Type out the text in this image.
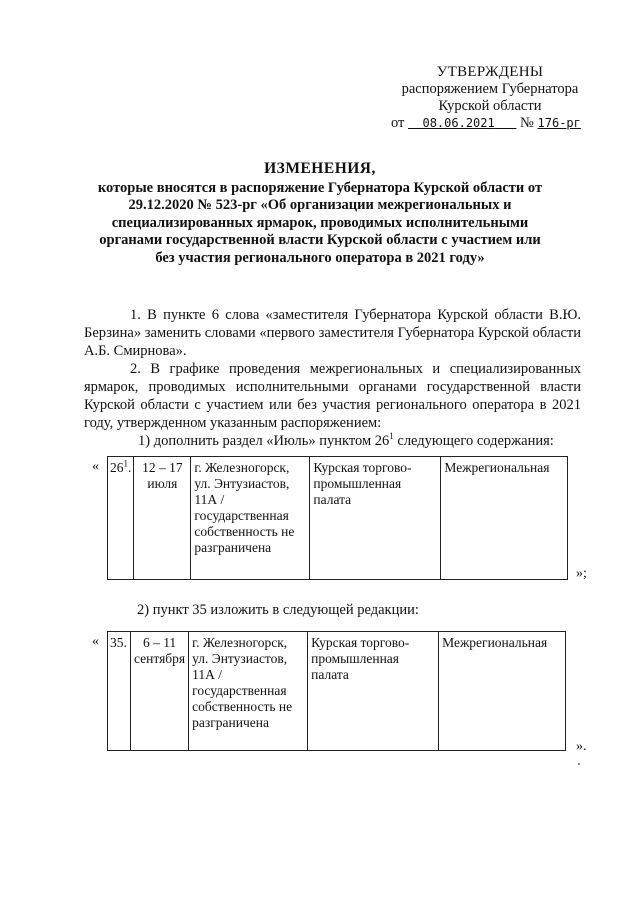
УТВЕРЖДЕНЫ
распоряжением Губернатора
Курской области
от 08.06.2021 № 176-рг
ИЗМЕНЕНИЯ,
которые вносятся в распоряжение Губернатора Курской области от 29.12.2020 № 523-рг «Об организации межрегиональных и специализированных ярмарок, проводимых исполнительными органами государственной власти Курской области с участием или без участия регионального оператора в 2021 году»

1. В пункте 6 слова «заместителя Губернатора Курской области В.Ю. Берзина» заменить словами «первого заместителя Губернатора Курской области А.Б. Смирнова».

2. В графике проведения межрегиональных и специализированных ярмарок, проводимых исполнительными органами государственной власти Курской области с участием или без участия регионального оператора в 2021 году, утвержденном указанным распоряжением:

1) дополнить раздел «Июль» пунктом $26^1$ следующего содержания:

« $26^1$.	12 – 17 июля	г. Железногорск, ул. Энтузиастов, 11А / государственная собственность не разграничена	Курская торгово-промышленная палата	Межрегиональная
»;
2) пункт 35 изложить в следующей редакции:
« 35.	6 – 11 сентября	г. Железногорск, ул. Энтузиастов, 11А / государственная собственность не разграничена	Курская торгово-промышленная палата	Межрегиональная
».
